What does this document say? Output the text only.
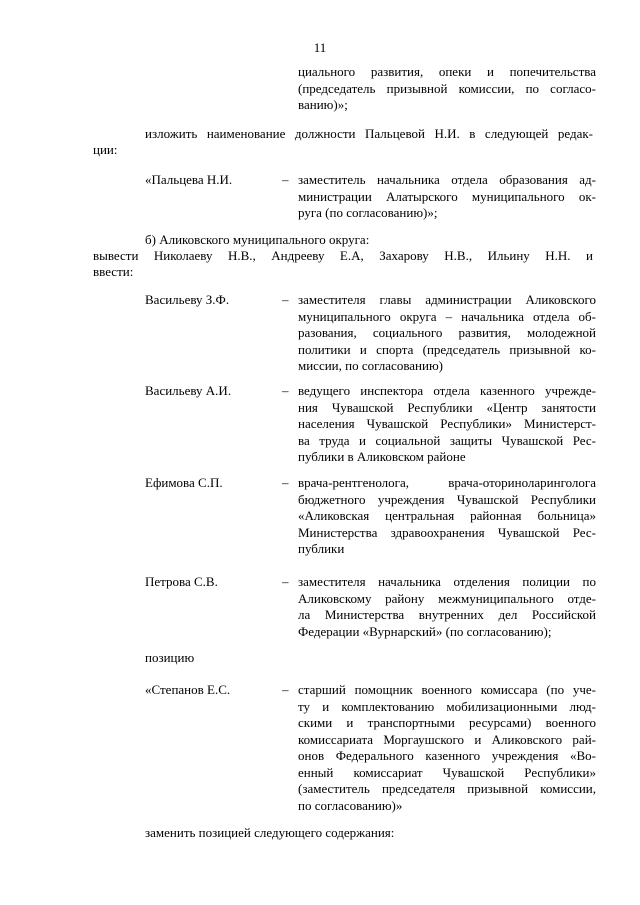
11
циального развития, опеки и попечительства
(председатель призывной комиссии, по согласо-
ванию)»;
изложить наименование должности Пальцевой Н.И. в следующей редак-
ции:
«Пальцева Н.И.	– заместитель начальника отдела образования ад-
министрации Алатырского муниципального ок-
руга (по согласованию)»;
б) Аликовского муниципального округа:
вывести Николаеву Н.В., Андрееву Е.А, Захарову Н.В., Ильину Н.Н. и
ввести:
Васильеву З.Ф.	– заместителя главы администрации Аликовского
муниципального округа – начальника отдела об-
разования, социального развития, молодежной
политики и спорта (председатель призывной ко-
миссии, по согласованию)
Васильеву А.И.	– ведущего инспектора отдела казенного учрежде-
ния Чувашской Республики «Центр занятости
населения Чувашской Республики» Министерст-
ва труда и социальной защиты Чувашской Рес-
публики в Аликовском районе
Ефимова С.П.	– врача-рентгенолога, врача-оториноларинголога
бюджетного учреждения Чувашской Республики
«Аликовская центральная районная больница»
Министерства здравоохранения Чувашской Рес-
публики
Петрова С.В.	– заместителя начальника отделения полиции по
Аликовскому району межмуниципального отде-
ла Министерства внутренних дел Российской
Федерации «Вурнарский» (по согласованию);
позицию
«Степанов Е.С.	– старший помощник военного комиссара (по уче-
ту и комплектованию мобилизационными люд-
скими и транспортными ресурсами) военного
комиссариата Моргаушского и Аликовского рай-
онов Федерального казенного учреждения «Во-
енный комиссариат Чувашской Республики»
(заместитель председателя призывной комиссии,
по согласованию)»
заменить позицией следующего содержания:
